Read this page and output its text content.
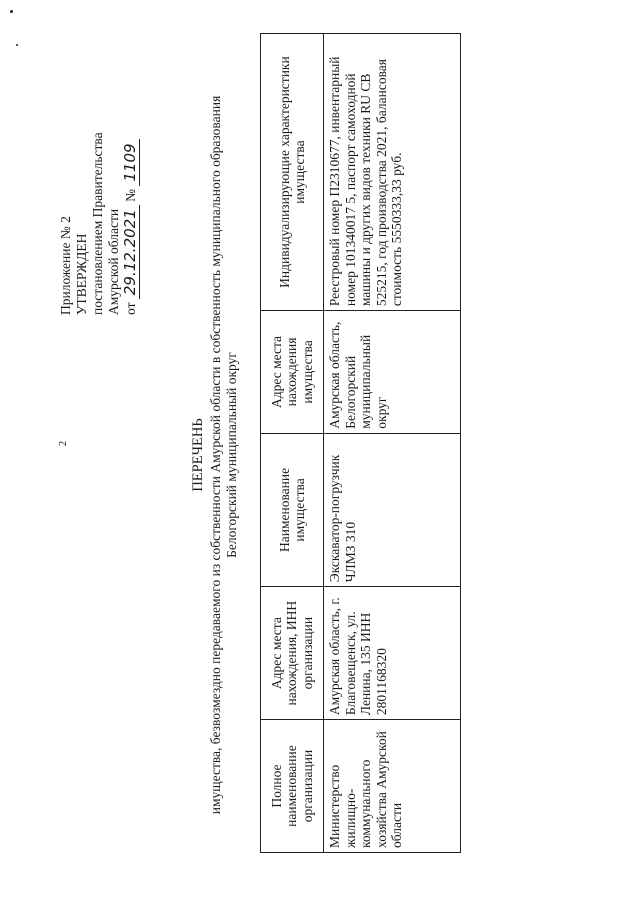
2
Приложение № 2 УТВЕРЖДЕН постановлением Правительства Амурской области от 29.12.2021 № 1109
ПЕРЕЧЕНЬ имущества, безвозмездно передаваемого из собственности Амурской области в собственность муниципального образования Белогорский муниципальный округ
Полное наименование организации	Адрес места нахождения, ИНН организации	Наименование имущества	Адрес места нахождения имущества	Индивидуализирующие характеристики имущества
Министерство жилищно-коммунального хозяйства Амурской области	Амурская область, г. Благовещенск, ул. Ленина, 135 ИНН 2801168320	Экскаватор-погрузчик ЧЛМЗ 310	Амурская область, Белогорский муниципальный округ	Реестровый номер П2310677, инвентарный номер 101340017 5, паспорт самоходной машины и других видов техники RU CB 525215, год производства 2021, балансовая стоимость 5550333,33 руб.
